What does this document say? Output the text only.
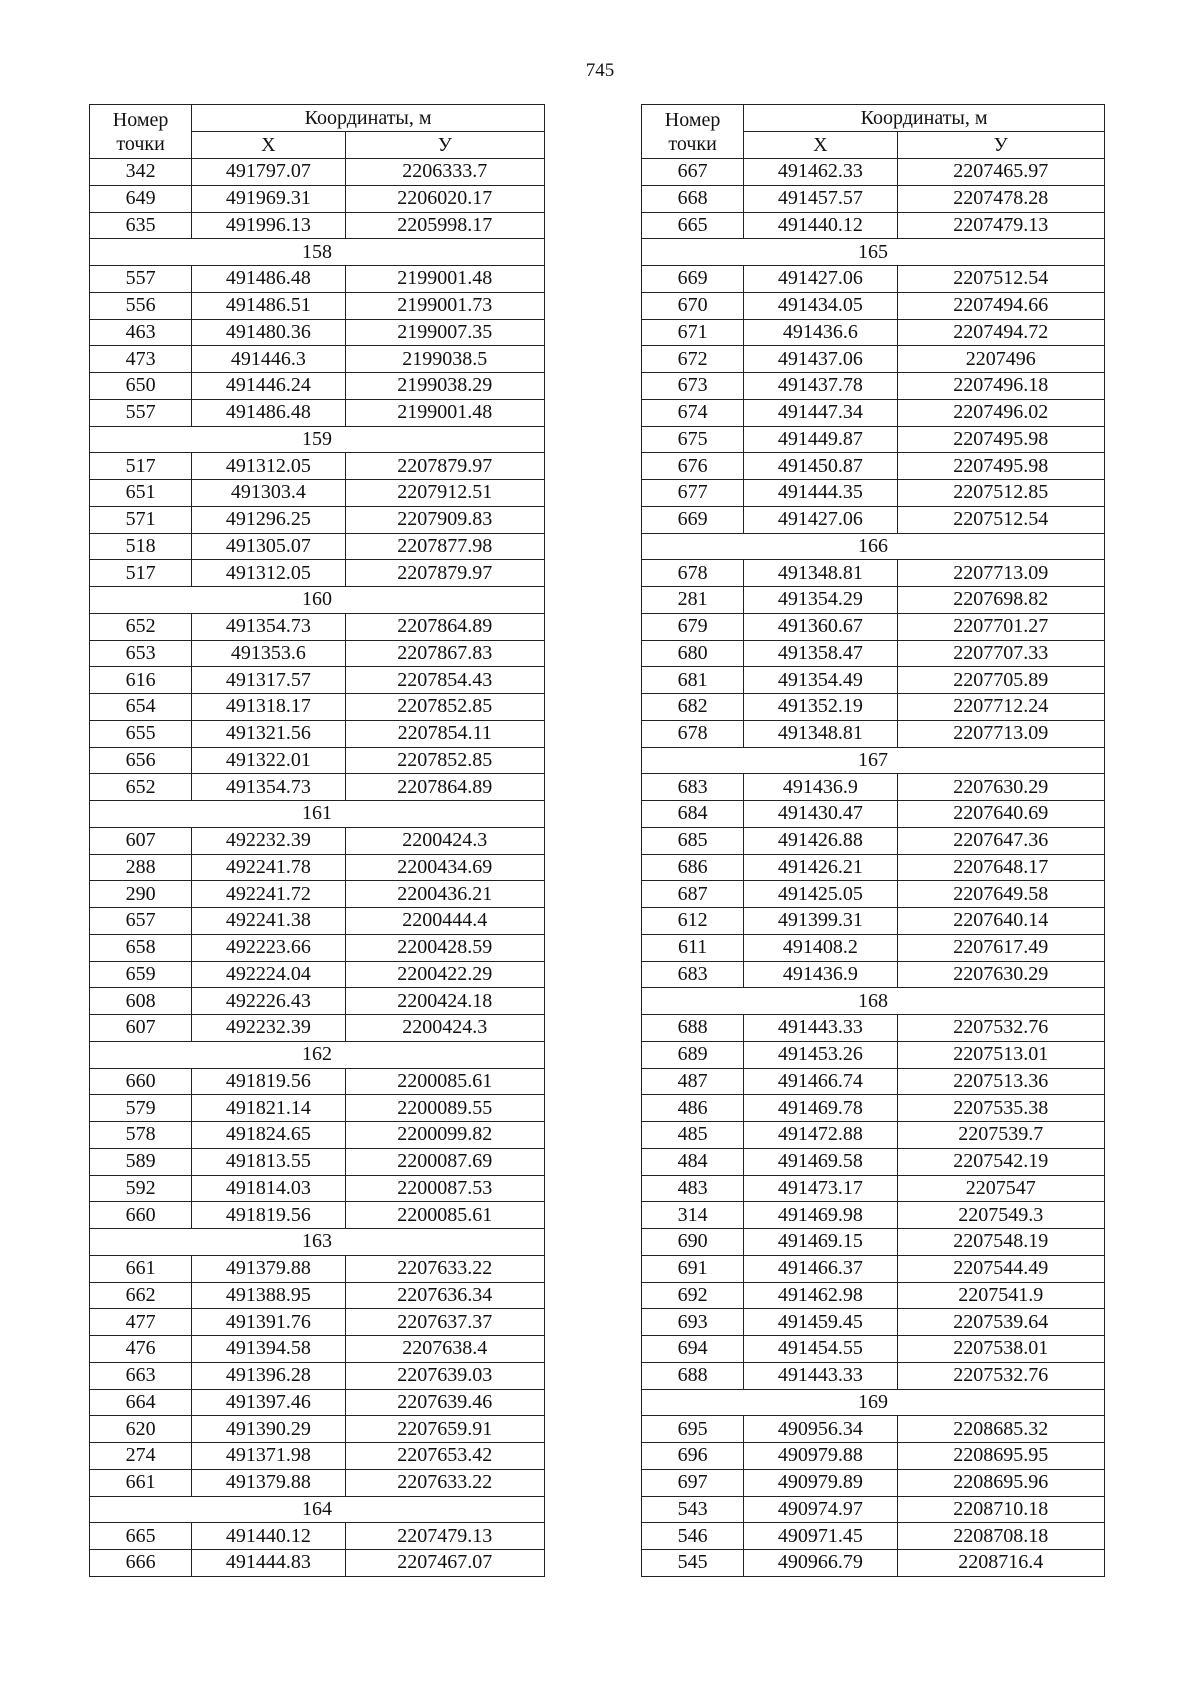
745
Номер точки	Координаты, м	
	X	У
342	491797.07	2206333.7
649	491969.31	2206020.17
635	491996.13	2205998.17
158		
557	491486.48	2199001.48
556	491486.51	2199001.73
463	491480.36	2199007.35
473	491446.3	2199038.5
650	491446.24	2199038.29
557	491486.48	2199001.48
159		
517	491312.05	2207879.97
651	491303.4	2207912.51
571	491296.25	2207909.83
518	491305.07	2207877.98
517	491312.05	2207879.97
160		
652	491354.73	2207864.89
653	491353.6	2207867.83
616	491317.57	2207854.43
654	491318.17	2207852.85
655	491321.56	2207854.11
656	491322.01	2207852.85
652	491354.73	2207864.89
161		
607	492232.39	2200424.3
288	492241.78	2200434.69
290	492241.72	2200436.21
657	492241.38	2200444.4
658	492223.66	2200428.59
659	492224.04	2200422.29
608	492226.43	2200424.18
607	492232.39	2200424.3
162		
660	491819.56	2200085.61
579	491821.14	2200089.55
578	491824.65	2200099.82
589	491813.55	2200087.69
592	491814.03	2200087.53
660	491819.56	2200085.61
163		
661	491379.88	2207633.22
662	491388.95	2207636.34
477	491391.76	2207637.37
476	491394.58	2207638.4
663	491396.28	2207639.03
664	491397.46	2207639.46
620	491390.29	2207659.91
274	491371.98	2207653.42
661	491379.88	2207633.22
164		
665	491440.12	2207479.13
666	491444.83	2207467.07
Номер точки	Координаты, м	
	X	У
667	491462.33	2207465.97
668	491457.57	2207478.28
665	491440.12	2207479.13
165		
669	491427.06	2207512.54
670	491434.05	2207494.66
671	491436.6	2207494.72
672	491437.06	2207496
673	491437.78	2207496.18
674	491447.34	2207496.02
675	491449.87	2207495.98
676	491450.87	2207495.98
677	491444.35	2207512.85
669	491427.06	2207512.54
166		
678	491348.81	2207713.09
281	491354.29	2207698.82
679	491360.67	2207701.27
680	491358.47	2207707.33
681	491354.49	2207705.89
682	491352.19	2207712.24
678	491348.81	2207713.09
167		
683	491436.9	2207630.29
684	491430.47	2207640.69
685	491426.88	2207647.36
686	491426.21	2207648.17
687	491425.05	2207649.58
612	491399.31	2207640.14
611	491408.2	2207617.49
683	491436.9	2207630.29
168		
688	491443.33	2207532.76
689	491453.26	2207513.01
487	491466.74	2207513.36
486	491469.78	2207535.38
485	491472.88	2207539.7
484	491469.58	2207542.19
483	491473.17	2207547
314	491469.98	2207549.3
690	491469.15	2207548.19
691	491466.37	2207544.49
692	491462.98	2207541.9
693	491459.45	2207539.64
694	491454.55	2207538.01
688	491443.33	2207532.76
169		
695	490956.34	2208685.32
696	490979.88	2208695.95
697	490979.89	2208695.96
543	490974.97	2208710.18
546	490971.45	2208708.18
545	490966.79	2208716.4
